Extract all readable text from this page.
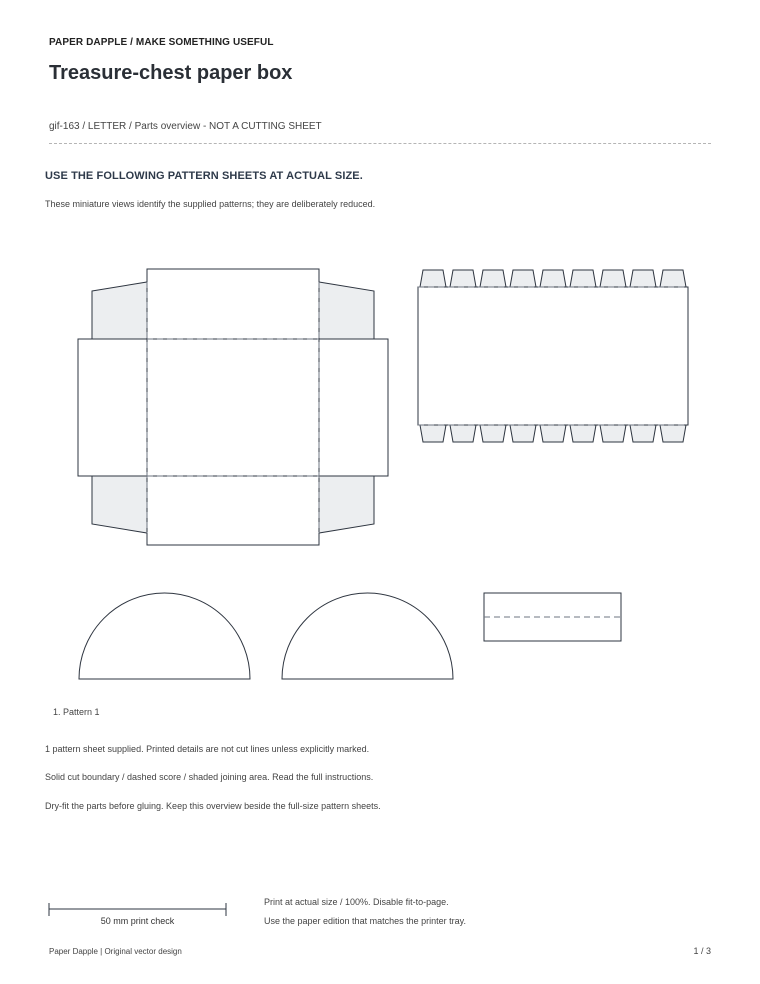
PAPER DAPPLE / MAKE SOMETHING USEFUL
Treasure-chest paper box
gif-163 / LETTER / Parts overview - NOT A CUTTING SHEET
USE THE FOLLOWING PATTERN SHEETS AT ACTUAL SIZE.
These miniature views identify the supplied patterns; they are deliberately reduced.
1. Pattern 1
1 pattern sheet supplied. Printed details are not cut lines unless explicitly marked.
Solid cut boundary / dashed score / shaded joining area. Read the full instructions.
Dry-fit the parts before gluing. Keep this overview beside the full-size pattern sheets.
50 mm print check
Print at actual size / 100%. Disable fit-to-page.
Use the paper edition that matches the printer tray.
Paper Dapple | Original vector design	1 / 3
